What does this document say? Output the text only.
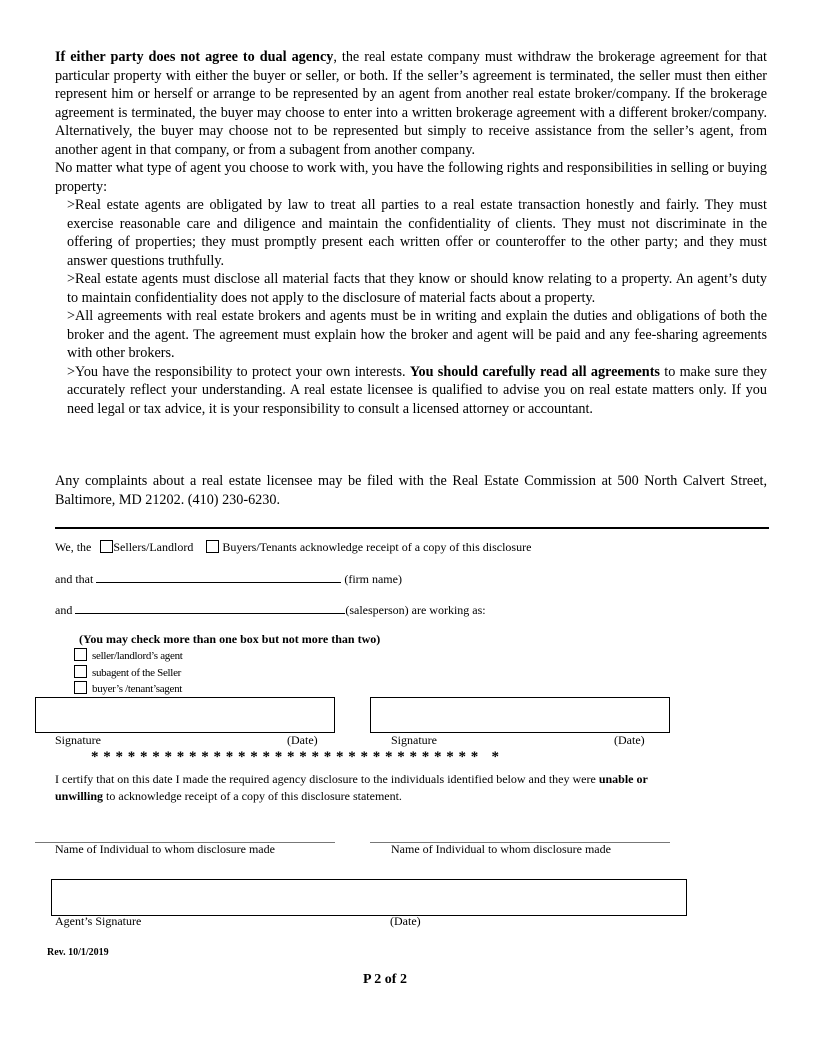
If either party does not agree to dual agency, the real estate company must withdraw the brokerage agreement for that particular property with either the buyer or seller, or both. If the seller’s agreement is terminated, the seller must then either represent him or herself or arrange to be represented by an agent from another real estate broker/company. If the brokerage agreement is terminated, the buyer may choose to enter into a written brokerage agreement with a different broker/company. Alternatively, the buyer may choose not to be represented but simply to receive assistance from the seller’s agent, from another agent in that company, or from a subagent from another company.

No matter what type of agent you choose to work with, you have the following rights and responsibilities in selling or buying property:

>Real estate agents are obligated by law to treat all parties to a real estate transaction honestly and fairly. They must exercise reasonable care and diligence and maintain the confidentiality of clients. They must not discriminate in the offering of properties; they must promptly present each written offer or counteroffer to the other party; and they must answer questions truthfully.

>Real estate agents must disclose all material facts that they know or should know relating to a property. An agent’s duty to maintain confidentiality does not apply to the disclosure of material facts about a property.

>All agreements with real estate brokers and agents must be in writing and explain the duties and obligations of both the broker and the agent. The agreement must explain how the broker and agent will be paid and any fee-sharing agreements with other brokers.

>You have the responsibility to protect your own interests. You should carefully read all agreements to make sure they accurately reflect your understanding. A real estate licensee is qualified to advise you on real estate matters only. If you need legal or tax advice, it is your responsibility to consult a licensed attorney or accountant.

Any complaints about a real estate licensee may be filed with the Real Estate Commission at 500 North Calvert Street, Baltimore, MD 21202. (410) 230-6230.

We, the Sellers/Landlord Buyers/Tenants acknowledge receipt of a copy of this disclosure
and that	(firm name)
and	(salesperson) are working as:
(You may check more than one box but not more than two)
seller/landlord’s agent
subagent of the Seller
buyer’s /tenant’sagent
Signature	(Date)	Signature	(Date)
* * * * * * * * * * * * * * * * * * * * * * * * * * * * * * * *   *
I certify that on this date I made the required agency disclosure to the individuals identified below and they were unable or
unwilling to acknowledge receipt of a copy of this disclosure statement.
Name of Individual to whom disclosure made	Name of Individual to whom disclosure made
Agent’s Signature	(Date)
Rev. 10/1/2019
P 2 of 2
